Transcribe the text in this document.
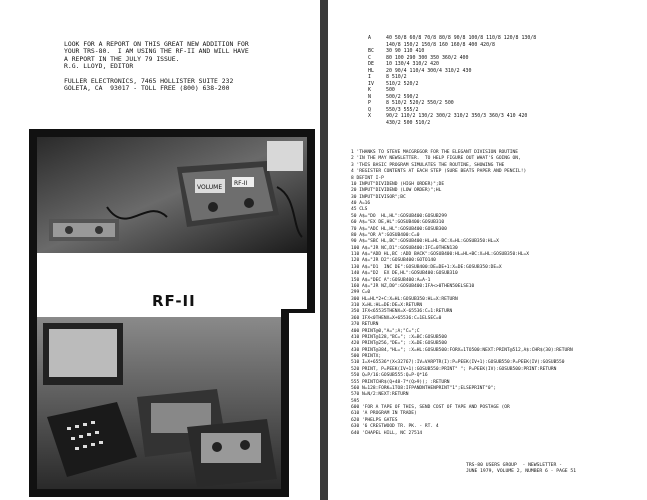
LOOK FOR A REPORT ON THIS GREAT NEW ADDITION FOR
YOUR TRS-80.  I AM USING THE RF-II AND WILL HAVE
A REPORT IN THE JULY 79 ISSUE.
R.G. LLOYD, EDITOR
FULLER ELECTRONICS, 7465 HOLLISTER SUITE 232
GOLETA, CA  93017 - TOLL FREE (800) 638-200
VOLUME
RF-II
RF-II
A	40 50/8 60/8 70/8 80/8 90/8 100/8 110/8 120/8 130/8
140/8 150/2 150/8 160 160/8 400 420/8
BC	30 90 110 410
C	80 100 290 300 350 360/2 400
DE	10 130/4 310/2 420
HL	20 90/4 110/4 300/4 310/2 430
I	8 510/2
IV	510/2 520/2
K	500
N	500/2 590/2
P	8 510/2 520/2 550/2 500
Q	550/3 555/2
X	90/2 110/2 130/2 300/2 310/2 350/3 360/3 410 420
430/2 500 510/2
1 'THANKS TO STEVE MACGREGOR FOR THE ELEGANT DIVISION ROUTINE
2 'IN THE MAY NEWSLETTER.  TO HELP FIGURE OUT WHAT'S GOING ON,
3 'THIS BASIC PROGRAM SIMULATES THE ROUTINE, SHOWING THE
4 'REGISTER CONTENTS AT EACH STEP (SURE BEATS PAPER AND PENCIL!)
8 DEFINT I-P
10 INPUT"DIVIDEND (HIGH ORDER)";DE
20 INPUT"DIVIDEND (LOW ORDER)";HL
30 INPUT"DIVISOR";BC
40 A=16
45 CLS
50 A$="DO  HL,HL":GOSUB400:GOSUB299
60 A$="EX DE,HL":GOSUB400:GOSUB310
70 A$="ADC HL,HL":GOSUB400:GOSUB300
80 A$="OR A":GOSUB400:C=0
90 A$="SBC HL,BC":GOSUB400:HL=HL-BC:X=HL:GOSUB350:HL=X
100 A$="JR NC,D1":GOSUB400:IFC=0THEN130
110 A$="ADD HL,BC :ADD BACK":GOSUB400:HL=HL+BC:X=HL:GOSUB350:HL=X
120 A$="JR D2":GOSUB400:GOTO140
130 A$="D1  INC DE":GOSUB400:DE=DE+1:X=DE:GOSUB350:DE=X
140 A$="D2  EX DE,HL":GOSUB400:GOSUB310
150 A$="DEC A":GOSUB400:A=A-1
160 A$="JR NZ,D0":GOSUB400:IFA<>0THEN50ELSE10
299 C=0
300 HL=HL*2+C:X=HL:GOSUB350:HL=X:RETURN
310 X=HL:HL=DE:DE=X:RETURN
350 IFX<65535THENX=X-65536:C=1:RETURN
360 IFX<0THENX=X+65536:C=1ELSEC=0
370 RETURN
400 PRINT@0,"A=";A;"C=";C
410 PRINT@128,"BC="; :X=BC:GOSUB500
420 PRINT@256,"DE="; :X=DE:GOSUB500
430 PRINT@384,"HL="; :X=HL:GOSUB500:FORX=1TO500:NEXT:PRINT@512,A$:CHR$(30):RETURN
500 PRINTX;
510 I=X+65536*(X<32767):IV=VARPTR(I):P=PEEK(IV+1):GOSUB550:P=PEEK(IV):GOSUB550
520 PRINT, P=PEEK(IV+1):GOSUB550:PRINT" "; P=PEEK(IV):GOSUB500:PRINT:RETURN
550 Q=P/16:GOSUB555:Q=P-Q*16
555 PRINTCHR$(Q+48-7*(Q>9)); :RETURN
560 N=128:FORK=1TO8:IFPANDNTHENPRINT"1";ELSEPRINT"0";
570 N=N/2:NEXT:RETURN
595
600 'FOR A TAPE OF THIS, SEND COST OF TAPE AND POSTAGE (OR
610 'A PROGRAM IN TRADE)
620 'PHELPS GATES
630 '6 CRESTWOOD TR. PK. - RT. 4
640 'CHAPEL HILL, NC 27514
TRS-80 USERS GROUP  - NEWSLETTER -
JUNE 1979, VOLUME 2, NUMBER 6 - PAGE 51
